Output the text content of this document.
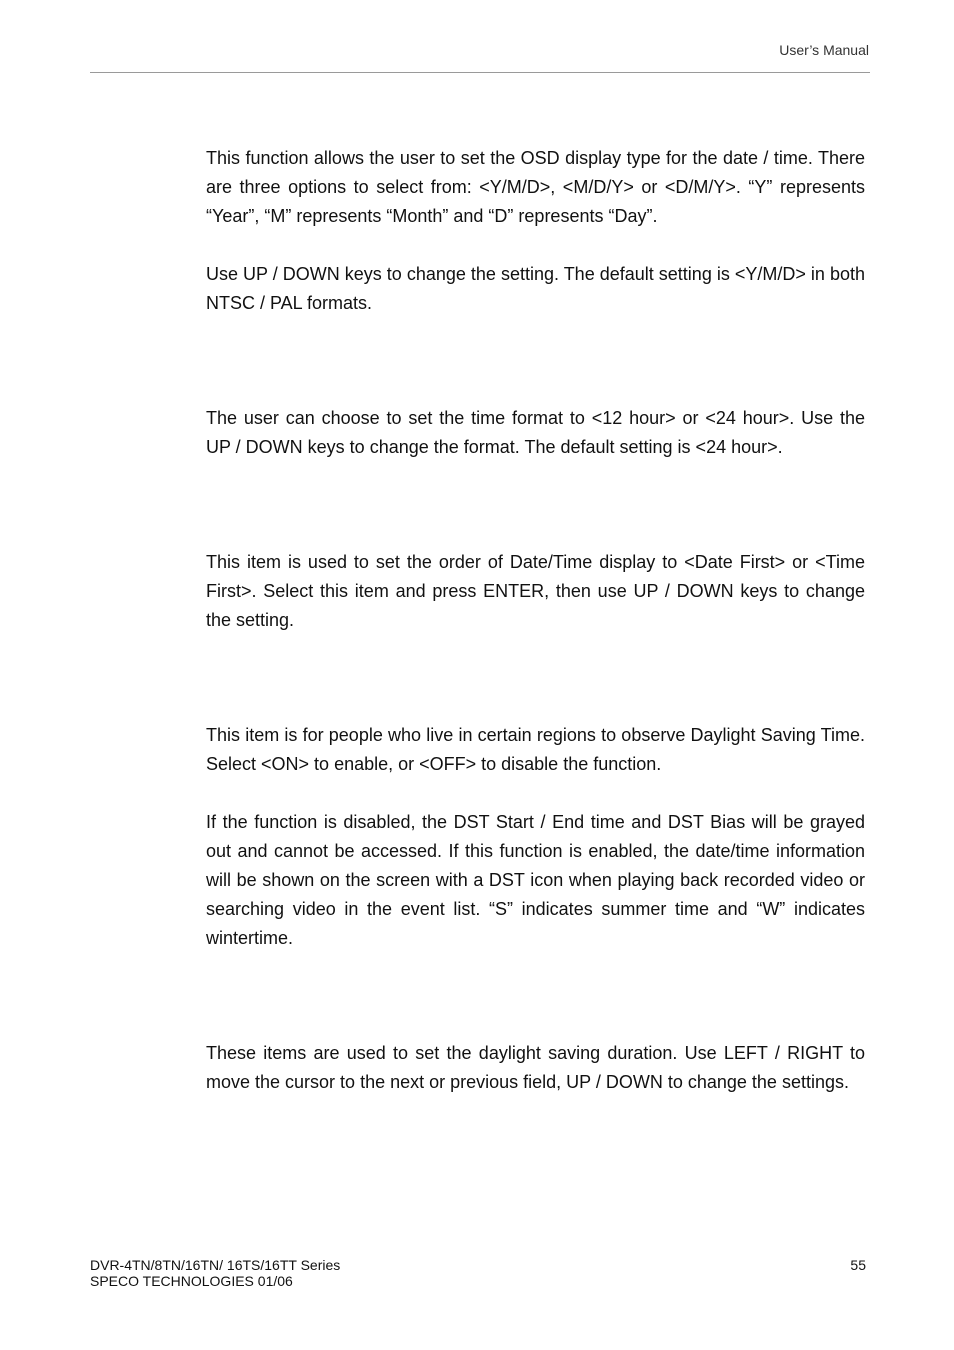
User’s Manual

This function allows the user to set the OSD display type for the date / time. There are three options to select from: <Y/M/D>, <M/D/Y> or <D/M/Y>. “Y” represents “Year”, “M” represents “Month” and “D” represents “Day”.

Use UP / DOWN keys to change the setting. The default setting is <Y/M/D> in both NTSC / PAL formats.

The user can choose to set the time format to <12 hour> or <24 hour>. Use the UP / DOWN keys to change the format. The default setting is <24 hour>.

This item is used to set the order of Date/Time display to <Date First> or <Time First>. Select this item and press ENTER, then use UP / DOWN keys to change the setting.

This item is for people who live in certain regions to observe Daylight Saving Time. Select <ON> to enable, or <OFF> to disable the function.

If the function is disabled, the DST Start / End time and DST Bias will be grayed out and cannot be accessed. If this function is enabled, the date/time information will be shown on the screen with a DST icon when playing back recorded video or searching video in the event list. “S” indicates summer time and “W” indicates wintertime.

These items are used to set the daylight saving duration. Use LEFT / RIGHT to move the cursor to the next or previous field, UP / DOWN to change the settings.

DVR-4TN/8TN/16TN/ 16TS/16TT Series
SPECO TECHNOLOGIES 01/06
55
